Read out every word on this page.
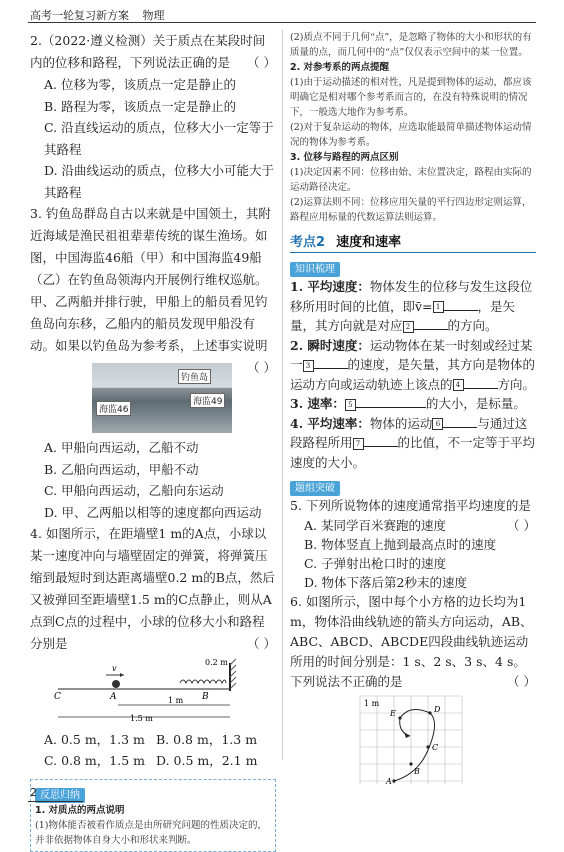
高考一轮复习新方案 物理

2.（2022·遵义检测）关于质点在某段时间内的位移和路程，下列说法正确的是 （ ）

A. 位移为零，该质点一定是静止的
B. 路程为零，该质点一定是静止的
C. 沿直线运动的质点，位移大小一定等于其路程
D. 沿曲线运动的质点，位移大小可能大于其路程

3. 钓鱼岛群岛自古以来就是中国领土，其附近海域是渔民祖祖辈辈传统的谋生渔场。如图，中国海监46船（甲）和中国海监49船（乙）在钓鱼岛领海内开展例行维权巡航。甲、乙两船并排行驶，甲船上的船员看见钓鱼岛向东移，乙船内的船员发现甲船没有动。如果以钓鱼岛为参考系，上述事实说明
（ ）

钓鱼岛
海监46
海监49
A. 甲船向西运动，乙船不动
B. 乙船向西运动，甲船不动
C. 甲船向西运动，乙船向东运动
D. 甲、乙两船以相等的速度都向西运动

4. 如图所示，在距墙壁1 m的A点，小球以某一速度冲向与墙壁固定的弹簧，将弹簧压缩到最短时到达距离墙壁0.2 m的B点，然后又被弹回至距墙壁1.5 m的C点静止，则从A点到C点的过程中，小球的位移大小和路程分别是	（ ）

v
C	A	B
0.2 m
1 m
1.5 m
A. 0.5 m，1.3 m B. 0.8 m，1.3 m
C. 0.8 m，1.5 m D. 0.5 m，2.1 m
反思归纳
1. 对质点的两点说明
(1)物体能否被看作质点是由所研究问题的性质决定的，并非依据物体自身大小和形状来判断。
(2)质点不同于几何“点”，是忽略了物体的大小和形状的有质量的点，而几何中的“点”仅仅表示空间中的某一位置。
2. 对参考系的两点提醒
(1)由于运动描述的相对性，凡是提到物体的运动，都应该明确它是相对哪个参考系而言的，在没有特殊说明的情况下，一般选大地作为参考系。
(2)对于复杂运动的物体，应选取能最简单描述物体运动情况的物体为参考系。
3. 位移与路程的两点区别
(1)决定因素不同：位移由始、末位置决定，路程由实际的运动路径决定。
(2)运算法则不同：位移应用矢量的平行四边形定则运算，路程应用标量的代数运算法则运算。
考点2 速度和速率
知识梳理
1. 平均速度：物体发生的位移与发生这段位移所用时间的比值，即v̄= 1	，是矢量，其方向就是对应 2	的方向。
2. 瞬时速度：运动物体在某一时刻或经过某一 3	的速度，是矢量，其方向是物体的运动方向或运动轨迹上该点的 4	方向。
3. 速率： 5	的大小，是标量。
4. 平均速率：物体的运动 6	与通过这段路程所用 7	的比值，不一定等于平均速度的大小。
题组突破

5. 下列所说物体的速度通常指平均速度的是
（ ）

A. 某同学百米赛跑的速度
B. 物体竖直上抛到最高点时的速度
C. 子弹射出枪口时的速度
D. 物体下落后第2秒末的速度

6. 如图所示，图中每个小方格的边长均为1 m，物体沿曲线轨迹的箭头方向运动，AB、ABC、ABCD、ABCDE四段曲线轨迹运动所用的时间分别是：1 s、2 s、3 s、4 s。下列说法不正确的是	（ ）

1 m
A
B
C
D
E
2
